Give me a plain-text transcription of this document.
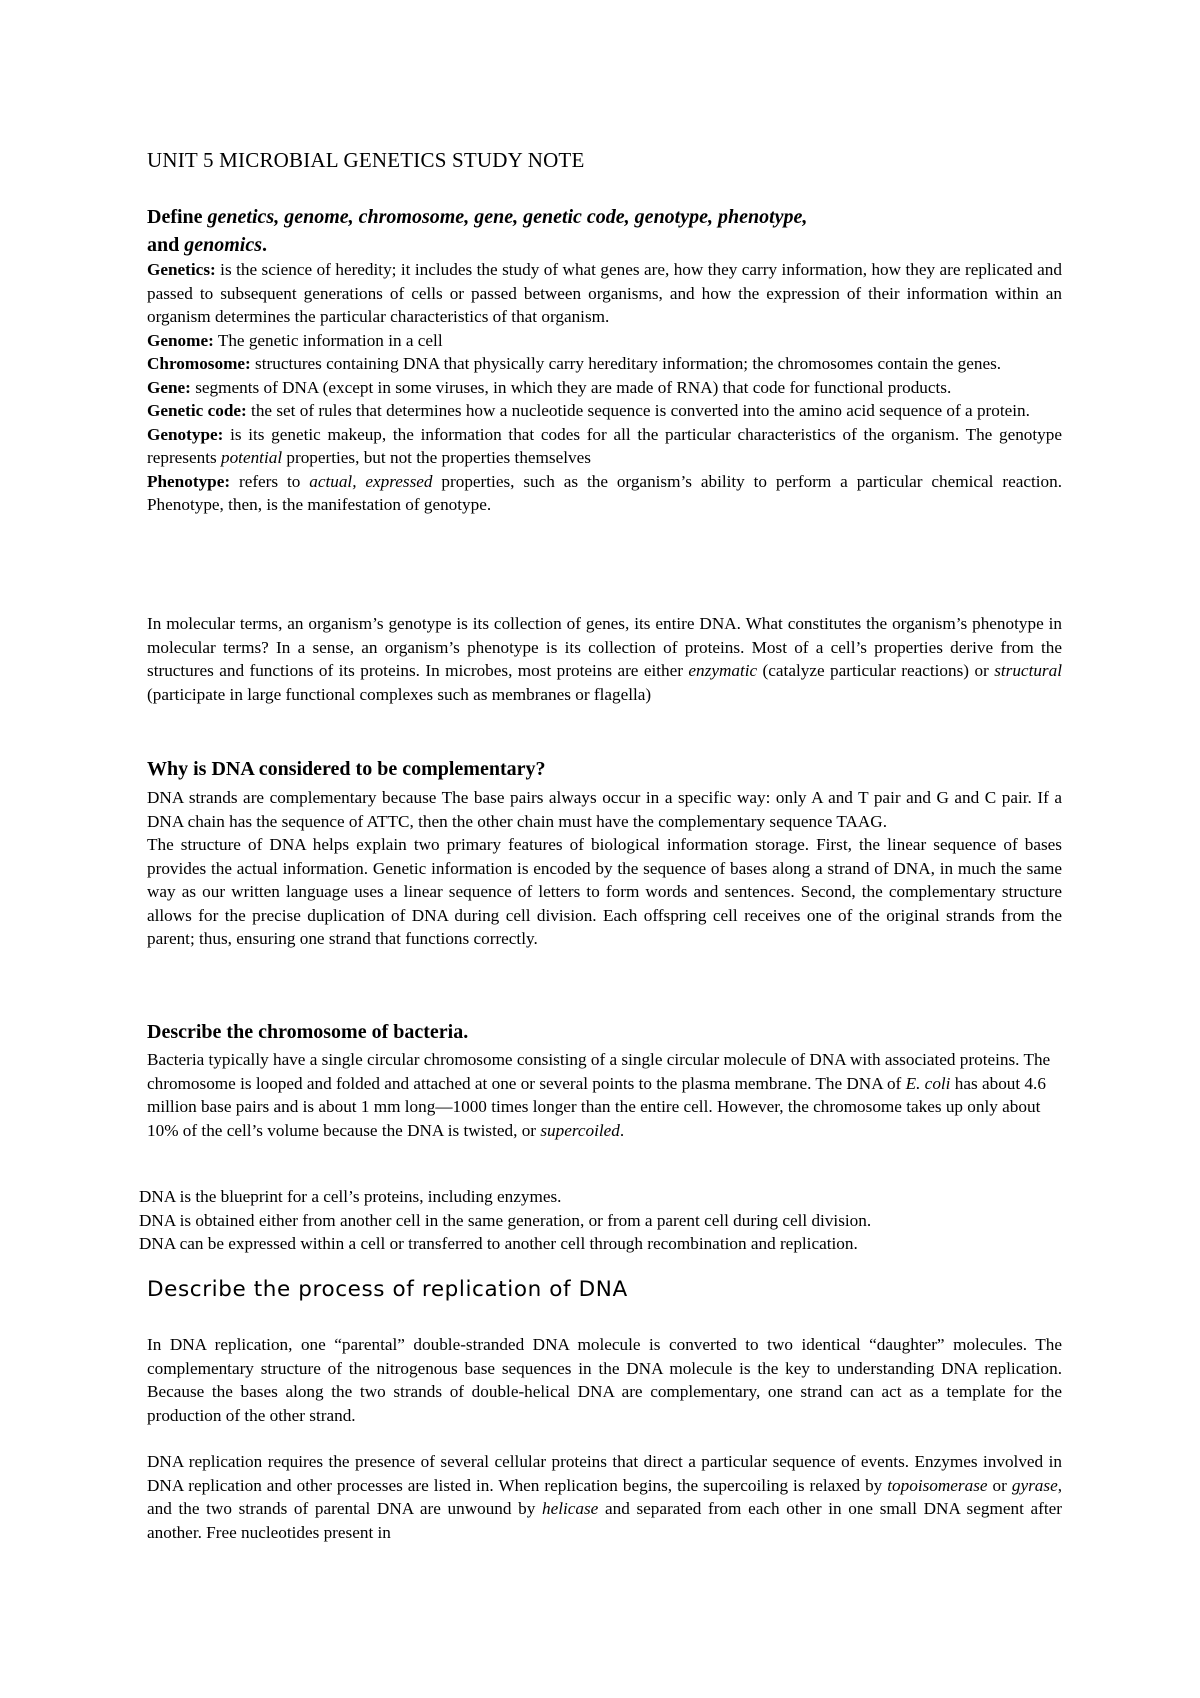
UNIT 5 MICROBIAL GENETICS STUDY NOTE
Define genetics, genome, chromosome, gene, genetic code, genotype, phenotype,
and genomics.

Genetics: is the science of heredity; it includes the study of what genes are, how they carry information, how they are replicated and passed to subsequent generations of cells or passed between organisms, and how the expression of their information within an organism determines the particular characteristics of that organism.

Genome: The genetic information in a cell

Chromosome: structures containing DNA that physically carry hereditary information; the chromosomes contain the genes.

Gene: segments of DNA (except in some viruses, in which they are made of RNA) that code for functional products.

Genetic code: the set of rules that determines how a nucleotide sequence is converted into the amino acid sequence of a protein.

Genotype: is its genetic makeup, the information that codes for all the particular characteristics of the organism. The genotype represents potential properties, but not the properties themselves

Phenotype: refers to actual, expressed properties, such as the organism’s ability to perform a particular chemical reaction. Phenotype, then, is the manifestation of genotype.

In molecular terms, an organism’s genotype is its collection of genes, its entire DNA. What constitutes the organism’s phenotype in molecular terms? In a sense, an organism’s phenotype is its collection of proteins. Most of a cell’s properties derive from the structures and functions of its proteins. In microbes, most proteins are either enzymatic (catalyze particular reactions) or structural (participate in large functional complexes such as membranes or flagella)

Why is DNA considered to be complementary?

DNA strands are complementary because The base pairs always occur in a specific way: only A and T pair and G and C pair. If a DNA chain has the sequence of ATTC, then the other chain must have the complementary sequence TAAG.

The structure of DNA helps explain two primary features of biological information storage. First, the linear sequence of bases provides the actual information. Genetic information is encoded by the sequence of bases along a strand of DNA, in much the same way as our written language uses a linear sequence of letters to form words and sentences. Second, the complementary structure allows for the precise duplication of DNA during cell division. Each offspring cell receives one of the original strands from the parent; thus, ensuring one strand that functions correctly.

Describe the chromosome of bacteria.

Bacteria typically have a single circular chromosome consisting of a single circular molecule of DNA with associated proteins. The chromosome is looped and folded and attached at one or several points to the plasma membrane. The DNA of E. coli has about 4.6 million base pairs and is about 1 mm long—1000 times longer than the entire cell. However, the chromosome takes up only about 10% of the cell’s volume because the DNA is twisted, or supercoiled.

DNA is the blueprint for a cell’s proteins, including enzymes.
DNA is obtained either from another cell in the same generation, or from a parent cell during cell division.
DNA can be expressed within a cell or transferred to another cell through recombination and replication.
Describe the process of replication of DNA
In DNA replication, one “parental” double-stranded DNA molecule is converted to two identical “daughter” molecules. The complementary structure of the nitrogenous base sequences in the DNA molecule is the key to understanding DNA replication. Because the bases along the two strands of double-helical DNA are complementary, one strand can act as a template for the production of the other strand.

DNA replication requires the presence of several cellular proteins that direct a particular sequence of events. Enzymes involved in DNA replication and other processes are listed in. When replication begins, the supercoiling is relaxed by topoisomerase or gyrase, and the two strands of parental DNA are unwound by helicase and separated from each other in one small DNA segment after another. Free nucleotides present in
